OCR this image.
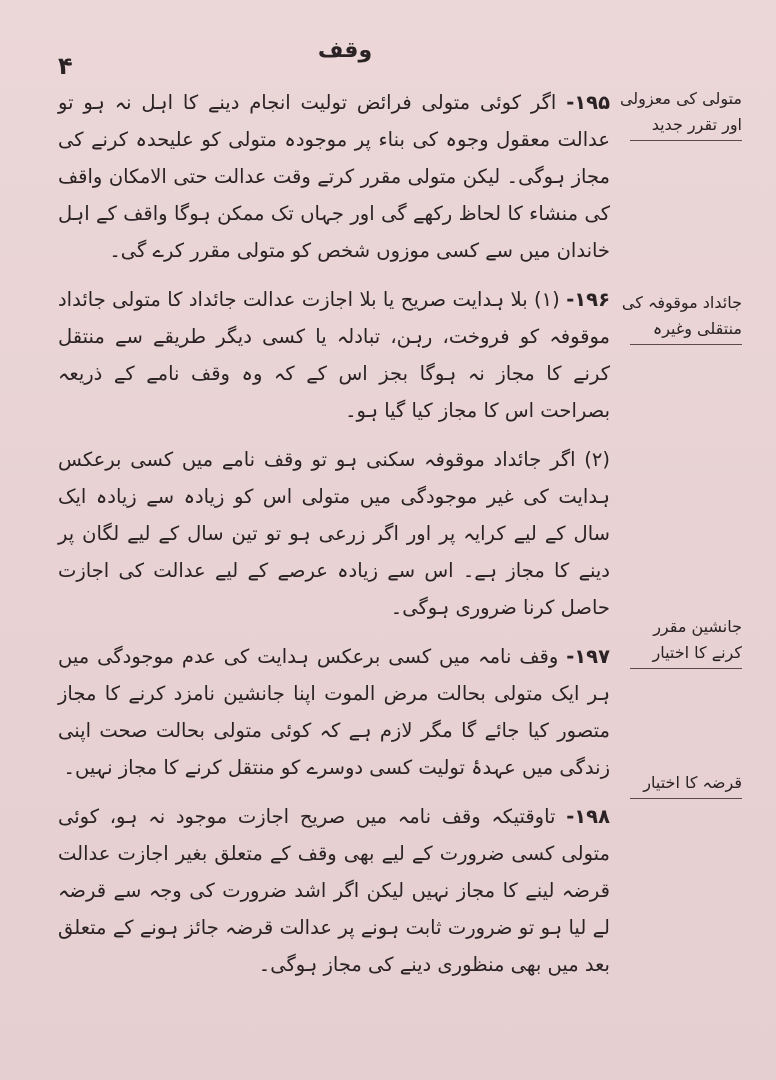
۴
وقف

۱۹۵- اگر کوئی متولی فرائض تولیت انجام دینے کا اہل نہ ہو تو عدالت معقول وجوہ کی بناء پر موجودہ متولی کو علیحدہ کرنے کی مجاز ہوگی۔ لیکن متولی مقرر کرتے وقت عدالت حتی الامکان واقف کی منشاء کا لحاظ رکھے گی اور جہاں تک ممکن ہوگا واقف کے اہل خاندان میں سے کسی موزوں شخص کو متولی مقرر کرے گی۔

۱۹۶- (۱) بلا ہدایت صریح یا بلا اجازت عدالت جائداد کا متولی جائداد موقوفہ کو فروخت، رہن، تبادلہ یا کسی دیگر طریقے سے منتقل کرنے کا مجاز نہ ہوگا بجز اس کے کہ وہ وقف نامے کے ذریعہ بصراحت اس کا مجاز کیا گیا ہو۔

(۲) اگر جائداد موقوفہ سکنی ہو تو وقف نامے میں کسی برعکس ہدایت کی غیر موجودگی میں متولی اس کو زیادہ سے زیادہ ایک سال کے لیے کرایہ پر اور اگر زرعی ہو تو تین سال کے لیے لگان پر دینے کا مجاز ہے۔ اس سے زیادہ عرصے کے لیے عدالت کی اجازت حاصل کرنا ضروری ہوگی۔

۱۹۷- وقف نامہ میں کسی برعکس ہدایت کی عدم موجودگی میں ہر ایک متولی بحالت مرض الموت اپنا جانشین نامزد کرنے کا مجاز متصور کیا جائے گا مگر لازم ہے کہ کوئی متولی بحالت صحت اپنی زندگی میں عہدۂ تولیت کسی دوسرے کو منتقل کرنے کا مجاز نہیں۔

۱۹۸- تاوقتیکہ وقف نامہ میں صریح اجازت موجود نہ ہو، کوئی متولی کسی ضرورت کے لیے بھی وقف کے متعلق بغیر اجازت عدالت قرضہ لینے کا مجاز نہیں لیکن اگر اشد ضرورت کی وجہ سے قرضہ لے لیا ہو تو ضرورت ثابت ہونے پر عدالت قرضہ جائز ہونے کے متعلق بعد میں بھی منظوری دینے کی مجاز ہوگی۔

متولی کی معزولی
اور تقرر جدید
جائداد موقوفہ کی
منتقلی وغیرہ
جانشین مقرر
کرنے کا اختیار
قرضہ کا اختیار
